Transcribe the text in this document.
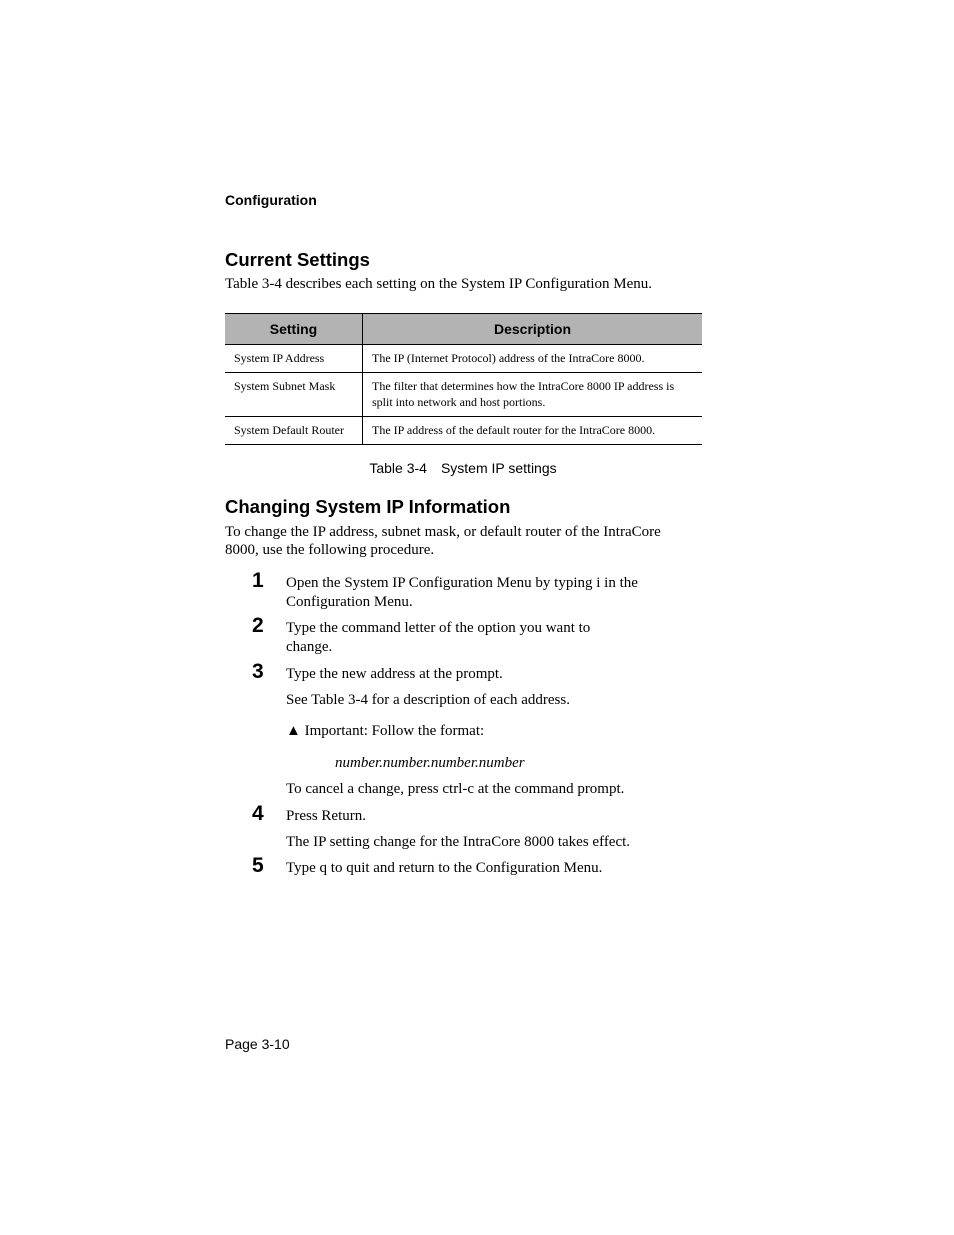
Configuration
Current Settings
Table 3-4 describes each setting on the System IP Configuration Menu.
Setting	Description
System IP Address	The IP (Internet Protocol) address of the IntraCore 8000.
System Subnet Mask	The filter that determines how the IntraCore 8000 IP address is split into network and host portions.
System Default Router	The IP address of the default router for the IntraCore 8000.
Table 3-4 System IP settings
Changing System IP Information
To change the IP address, subnet mask, or default router of the IntraCore 8000, use the following procedure.
1 Open the System IP Configuration Menu by typing i in the Configuration Menu.
2 Type the command letter of the option you want to change.
3 Type the new address at the prompt.
See Table 3-4 for a description of each address.
▲ Important: Follow the format:
number.number.number.number
To cancel a change, press ctrl-c at the command prompt.
4 Press Return.
The IP setting change for the IntraCore 8000 takes effect.
5 Type q to quit and return to the Configuration Menu.
Page 3-10
